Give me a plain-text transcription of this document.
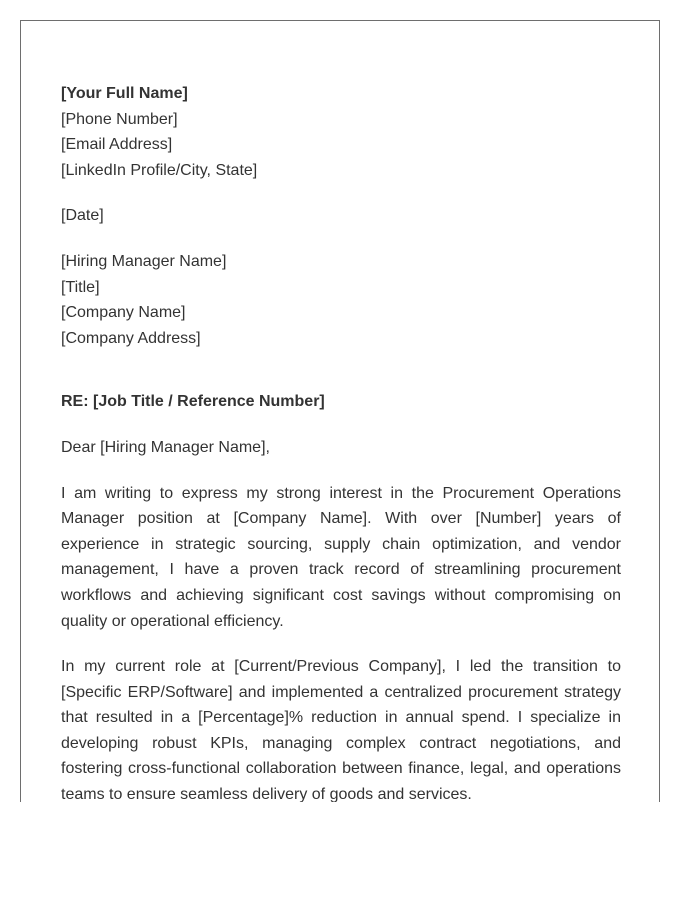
[Your Full Name]
[Phone Number]
[Email Address]
[LinkedIn Profile/City, State]
[Date]
[Hiring Manager Name]
[Title]
[Company Name]
[Company Address]
RE: [Job Title / Reference Number]
Dear [Hiring Manager Name],

I am writing to express my strong interest in the Procurement Operations Manager position at [Company Name]. With over [Number] years of experience in strategic sourcing, supply chain optimization, and vendor management, I have a proven track record of streamlining procurement workflows and achieving significant cost savings without compromising on quality or operational efficiency.

In my current role at [Current/Previous Company], I led the transition to [Specific ERP/Software] and implemented a centralized procurement strategy that resulted in a [Percentage]% reduction in annual spend. I specialize in developing robust KPIs, managing complex contract negotiations, and fostering cross-functional collaboration between finance, legal, and operations teams to ensure seamless delivery of goods and services.
